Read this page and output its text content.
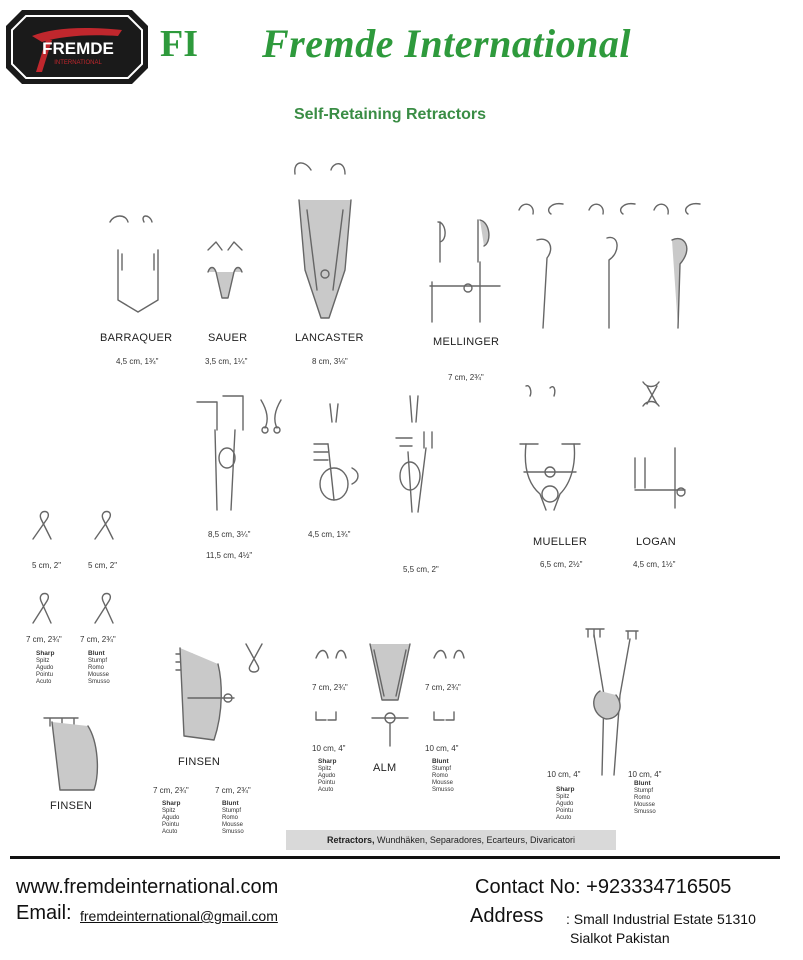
FREMDE
INTERNATIONAL FI Fremde International
Self-Retaining Retractors
BARRAQUER
4,5 cm, 1¾"
SAUER
3,5 cm, 1¼"
LANCASTER
8 cm, 3⅛"
MELLINGER
7 cm, 2¾"
8,5 cm, 3¼"
11,5 cm, 4½"
4,5 cm, 1¾"
5,5 cm, 2"
MUELLER
6,5 cm, 2½"
LOGAN
4,5 cm, 1½"
5 cm, 2"	5 cm, 2"
7 cm, 2¾" 7 cm, 2¾"
Sharp
Spitz
Agudo
Pointu
Acuto
Blunt
Stumpf
Romo
Mousse
Smusso
FINSEN
FINSEN
7 cm, 2¾"	7 cm, 2¾"
Sharp
Spitz
Agudo
Pointu
Acuto
Blunt
Stumpf
Romo
Mousse
Smusso
7 cm, 2¾"	7 cm, 2¾"
10 cm, 4"	10 cm, 4"
ALM
Sharp
Spitz
Agudo
Pointu
Acuto
Blunt
Stumpf
Romo
Mousse
Smusso
10 cm, 4"	10 cm, 4"
Sharp
Spitz
Agudo
Pointu
Acuto
Blunt
Stumpf
Romo
Mousse
Smusso
Retractors, Wundhäken, Separadores, Ecarteurs, Divaricatori
www.fremdeinternational.com
Email: fremdeinternational@gmail.com
Contact No: +923334716505
Address : Small Industrial Estate 51310
Sialkot Pakistan
